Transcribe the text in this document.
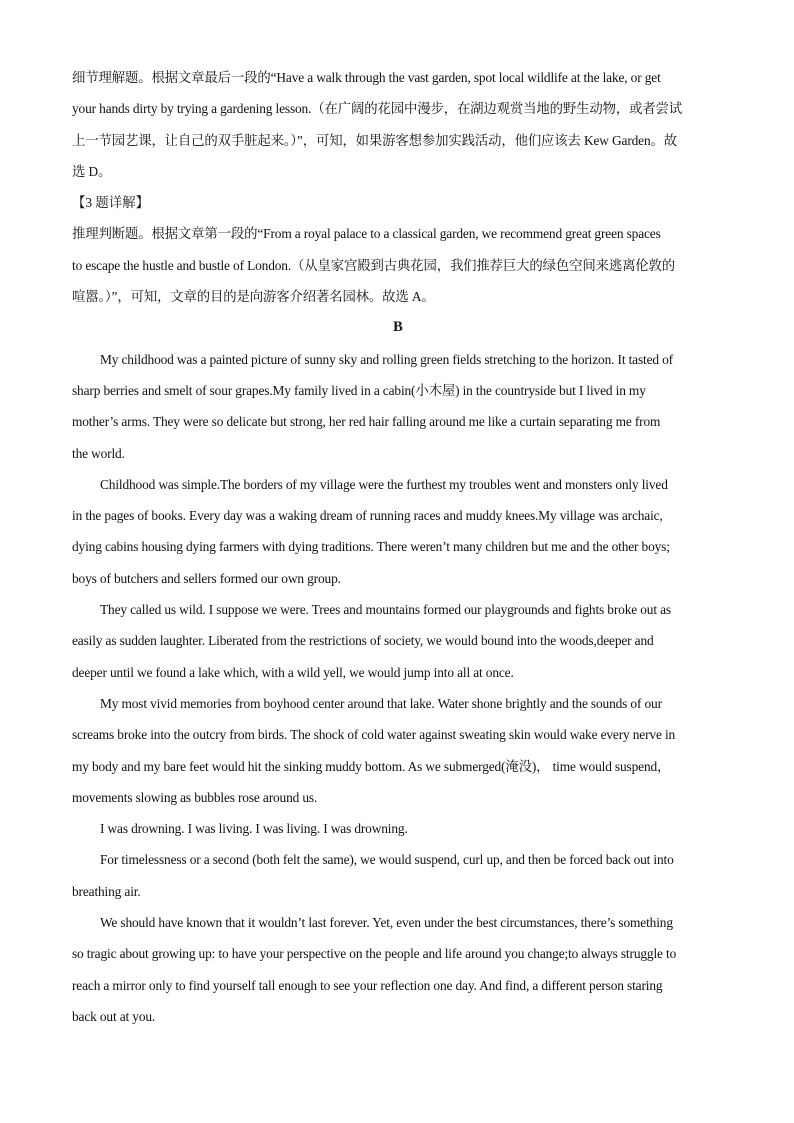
细节理解题。根据文章最后一段的“Have a walk through the vast garden, spot local wildlife at the lake, or get

your hands dirty by trying a gardening lesson.（在广阔的花园中漫步，在湖边观赏当地的野生动物，或者尝试

上一节园艺课，让自己的双手脏起来。）”，可知，如果游客想参加实践活动，他们应该去 Kew Garden。故

选 D。

【3 题详解】

推理判断题。根据文章第一段的“From a royal palace to a classical garden, we recommend great green spaces

to escape the hustle and bustle of London.（从皇家宫殿到古典花园，我们推荐巨大的绿色空间来逃离伦敦的

喧嚣。）”，可知，文章的目的是向游客介绍著名园林。故选 A。

B

My childhood was a painted picture of sunny sky and rolling green fields stretching to the horizon. It tasted of

sharp berries and smelt of sour grapes.My family lived in a cabin(小木屋) in the countryside but I lived in my

mother’s arms. They were so delicate but strong, her red hair falling around me like a curtain separating me from

the world.

Childhood was simple.The borders of my village were the furthest my troubles went and monsters only lived

in the pages of books. Every day was a waking dream of running races and muddy knees.My village was archaic,

dying cabins housing dying farmers with dying traditions. There weren’t many children but me and the other boys;

boys of butchers and sellers formed our own group.

They called us wild. I suppose we were. Trees and mountains formed our playgrounds and fights broke out as

easily as sudden laughter. Liberated from the restrictions of society, we would bound into the woods,deeper and

deeper until we found a lake which, with a wild yell, we would jump into all at once.

My most vivid memories from boyhood center around that lake. Water shone brightly and the sounds of our

screams broke into the outcry from birds. The shock of cold water against sweating skin would wake every nerve in

my body and my bare feet would hit the sinking muddy bottom. As we submerged(淹没)， time would suspend，

movements slowing as bubbles rose around us.

I was drowning. I was living. I was living. I was drowning.

For timelessness or a second (both felt the same), we would suspend, curl up, and then be forced back out into

breathing air.

We should have known that it wouldn’t last forever. Yet, even under the best circumstances, there’s something

so tragic about growing up: to have your perspective on the people and life around you change;to always struggle to

reach a mirror only to find yourself tall enough to see your reflection one day. And find, a different person staring

back out at you.
